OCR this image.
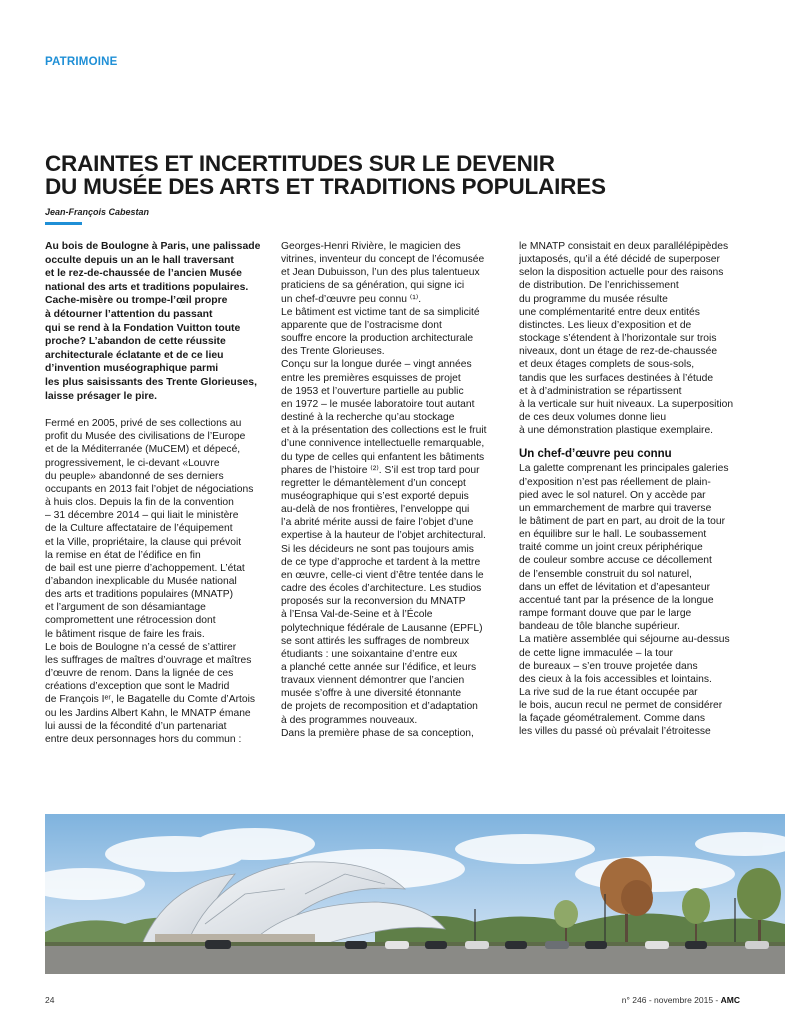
PATRIMOINE
CRAINTES ET INCERTITUDES SUR LE DEVENIR
DU MUSÉE DES ARTS ET TRADITIONS POPULAIRES
Jean-François Cabestan
Au bois de Boulogne à Paris, une palissade
occulte depuis un an le hall traversant
et le rez-de-chaussée de l’ancien Musée
national des arts et traditions populaires.
Cache-misère ou trompe-l’œil propre
à détourner l’attention du passant
qui se rend à la Fondation Vuitton toute
proche? L’abandon de cette réussite
architecturale éclatante et de ce lieu
d’invention muséographique parmi
les plus saisissants des Trente Glorieuses,
laisse présager le pire.
Fermé en 2005, privé de ses collections au
profit du Musée des civilisations de l’Europe
et de la Méditerranée (MuCEM) et dépecé,
progressivement, le ci-devant «Louvre
du peuple» abandonné de ses derniers
occupants en 2013 fait l’objet de négociations
à huis clos. Depuis la fin de la convention
– 31 décembre 2014 – qui liait le ministère
de la Culture affectataire de l’équipement
et la Ville, propriétaire, la clause qui prévoit
la remise en état de l’édifice en fin
de bail est une pierre d’achoppement. L’état
d’abandon inexplicable du Musée national
des arts et traditions populaires (MNATP)
et l’argument de son désamiantage
compromettent une rétrocession dont
le bâtiment risque de faire les frais.
Le bois de Boulogne n’a cessé de s’attirer
les suffrages de maîtres d’ouvrage et maîtres
d’œuvre de renom. Dans la lignée de ces
créations d’exception que sont le Madrid
de François Iᵉʳ, le Bagatelle du Comte d’Artois
ou les Jardins Albert Kahn, le MNATP émane
lui aussi de la fécondité d’un partenariat
entre deux personnages hors du commun :
Georges-Henri Rivière, le magicien des
vitrines, inventeur du concept de l’écomusée
et Jean Dubuisson, l’un des plus talentueux
praticiens de sa génération, qui signe ici
un chef-d’œuvre peu connu ⁽¹⁾.
Le bâtiment est victime tant de sa simplicité
apparente que de l’ostracisme dont
souffre encore la production architecturale
des Trente Glorieuses.
Conçu sur la longue durée – vingt années
entre les premières esquisses de projet
de 1953 et l’ouverture partielle au public
en 1972 – le musée laboratoire tout autant
destiné à la recherche qu’au stockage
et à la présentation des collections est le fruit
d’une connivence intellectuelle remarquable,
du type de celles qui enfantent les bâtiments
phares de l’histoire ⁽²⁾. S’il est trop tard pour
regretter le démantèlement d’un concept
muséographique qui s’est exporté depuis
au-delà de nos frontières, l’enveloppe qui
l’a abrité mérite aussi de faire l’objet d’une
expertise à la hauteur de l’objet architectural.
Si les décideurs ne sont pas toujours amis
de ce type d’approche et tardent à la mettre
en œuvre, celle-ci vient d’être tentée dans le
cadre des écoles d’architecture. Les studios
proposés sur la reconversion du MNATP
à l’Ensa Val-de-Seine et à l’École
polytechnique fédérale de Lausanne (EPFL)
se sont attirés les suffrages de nombreux
étudiants : une soixantaine d’entre eux
a planché cette année sur l’édifice, et leurs
travaux viennent démontrer que l’ancien
musée s’offre à une diversité étonnante
de projets de recomposition et d’adaptation
à des programmes nouveaux.
Dans la première phase de sa conception,
le MNATP consistait en deux parallélépipèdes
juxtaposés, qu’il a été décidé de superposer
selon la disposition actuelle pour des raisons
de distribution. De l’enrichissement
du programme du musée résulte
une complémentarité entre deux entités
distinctes. Les lieux d’exposition et de
stockage s’étendent à l’horizontale sur trois
niveaux, dont un étage de rez-de-chaussée
et deux étages complets de sous-sols,
tandis que les surfaces destinées à l’étude
et à d’administration se répartissent
à la verticale sur huit niveaux. La superposition
de ces deux volumes donne lieu
à une démonstration plastique exemplaire.
Un chef-d’œuvre peu connu
La galette comprenant les principales galeries
d’exposition n’est pas réellement de plain-
pied avec le sol naturel. On y accède par
un emmarchement de marbre qui traverse
le bâtiment de part en part, au droit de la tour
en équilibre sur le hall. Le soubassement
traité comme un joint creux périphérique
de couleur sombre accuse ce décollement
de l’ensemble construit du sol naturel,
dans un effet de lévitation et d’apesanteur
accentué tant par la présence de la longue
rampe formant douve que par le large
bandeau de tôle blanche supérieur.
La matière assemblée qui séjourne au-dessus
de cette ligne immaculée – la tour
de bureaux – s’en trouve projetée dans
des cieux à la fois accessibles et lointains.
La rive sud de la rue étant occupée par
le bois, aucun recul ne permet de considérer
la façade géométralement. Comme dans
les villes du passé où prévalait l’étroitesse
24	n° 246 - novembre 2015 - AMC
